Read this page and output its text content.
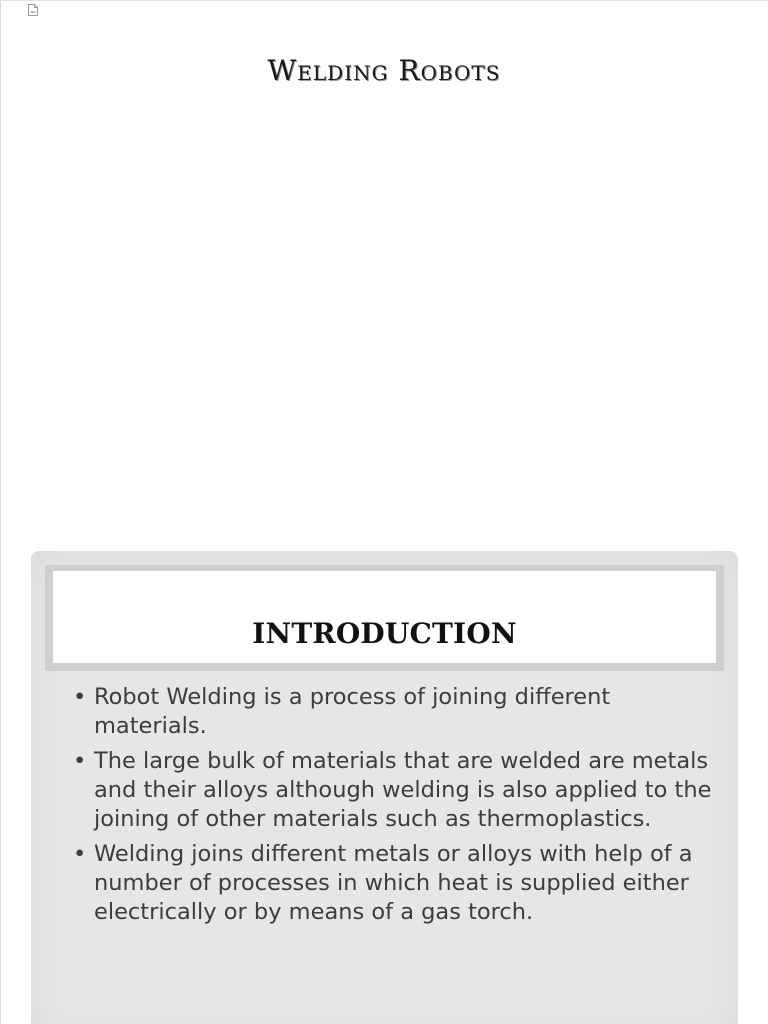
Welding Robots
INTRODUCTION
• Robot Welding is a process of joining different materials.
• The large bulk of materials that are welded are metals and their alloys although welding is also applied to the joining of other materials such as thermoplastics.
• Welding joins different metals or alloys with help of a number of processes in which heat is supplied either electrically or by means of a gas torch.
